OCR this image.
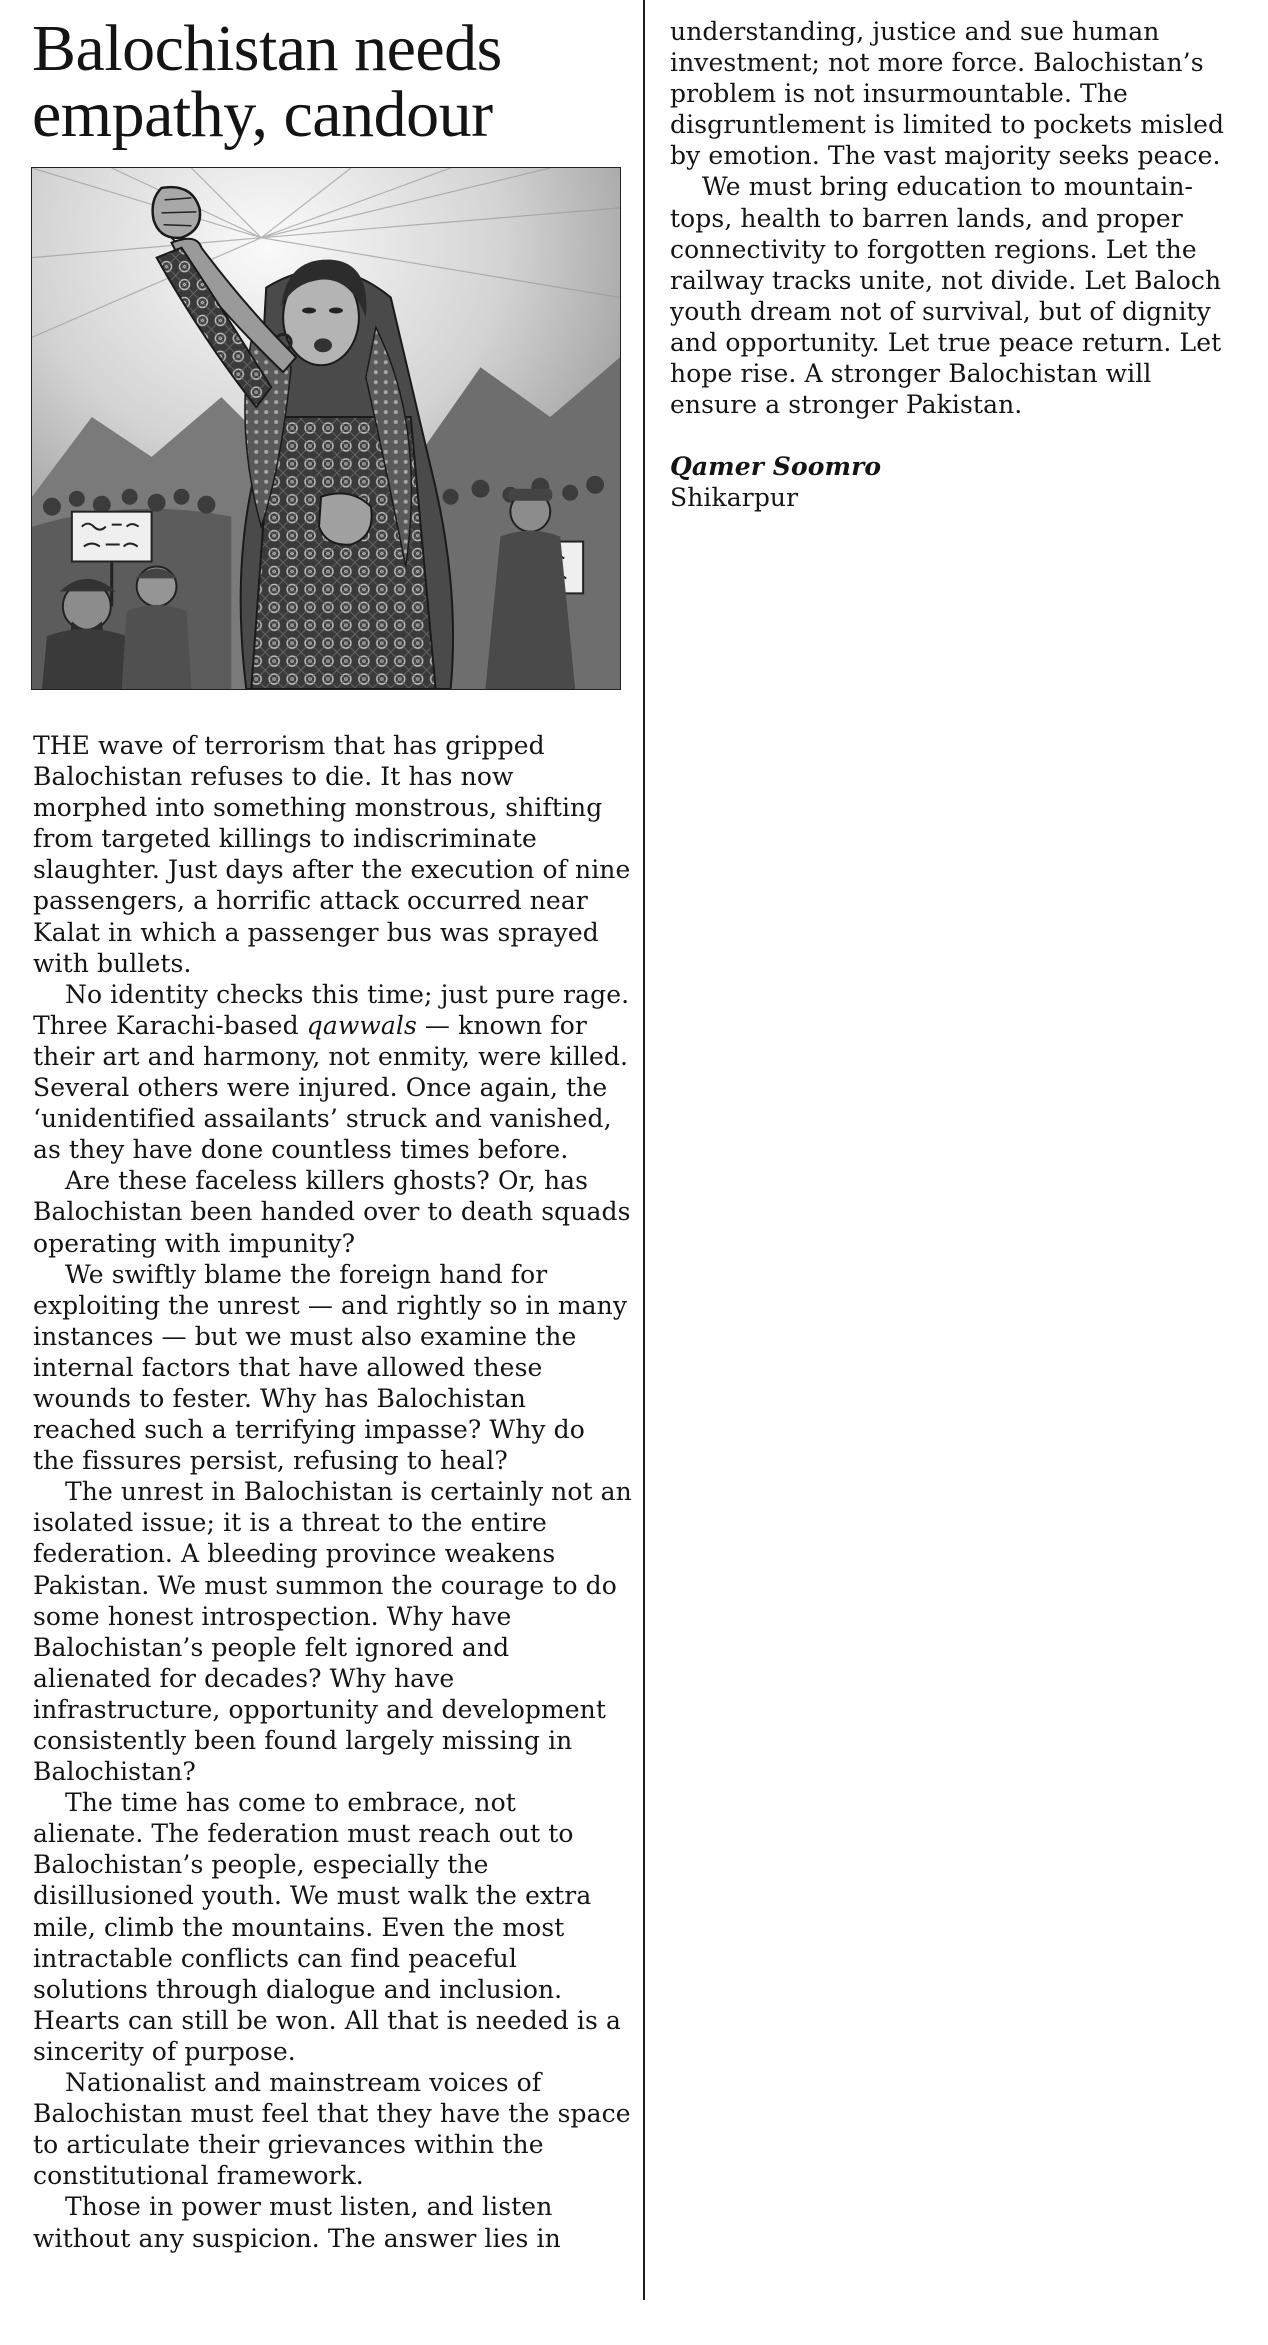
Balochistan needs empathy, candour

THE wave of terrorism that has gripped Balochistan refuses to die. It has now morphed into something monstrous, shifting from targeted killings to indiscriminate slaughter. Just days after the execution of nine passengers, a horrific attack occurred near Kalat in which a passenger bus was sprayed with bullets.

No identity checks this time; just pure rage. Three Karachi-based qawwals — known for their art and harmony, not enmity, were killed. Several others were injured. Once again, the ‘unidentified assailants’ struck and vanished, as they have done countless times before.

Are these faceless killers ghosts? Or, has Balochistan been handed over to death squads operating with impunity?

We swiftly blame the foreign hand for exploiting the unrest — and rightly so in many instances — but we must also examine the internal factors that have allowed these wounds to fester. Why has Balochistan reached such a terrifying impasse? Why do the fissures persist, refusing to heal?

The unrest in Balochistan is certainly not an isolated issue; it is a threat to the entire federation. A bleeding province weakens Pakistan. We must summon the courage to do some honest introspection. Why have Balochistan’s people felt ignored and alienated for decades? Why have infrastructure, opportunity and development consistently been found largely missing in Balochistan?

The time has come to embrace, not alienate. The federation must reach out to Balochistan’s people, especially the disillusioned youth. We must walk the extra mile, climb the mountains. Even the most intractable conflicts can find peaceful solutions through dialogue and inclusion. Hearts can still be won. All that is needed is a sincerity of purpose.

Nationalist and mainstream voices of Balochistan must feel that they have the space to articulate their grievances within the constitutional framework.

Those in power must listen, and listen without any suspicion. The answer lies in

understanding, justice and sue human investment; not more force. Balochistan’s problem is not insurmountable. The disgruntlement is limited to pockets misled by emotion. The vast majority seeks peace.

We must bring education to mountain-tops, health to barren lands, and proper connectivity to forgotten regions. Let the railway tracks unite, not divide. Let Baloch youth dream not of survival, but of dignity and opportunity. Let true peace return. Let hope rise. A stronger Balochistan will ensure a stronger Pakistan.

Qamer Soomro
Shikarpur
